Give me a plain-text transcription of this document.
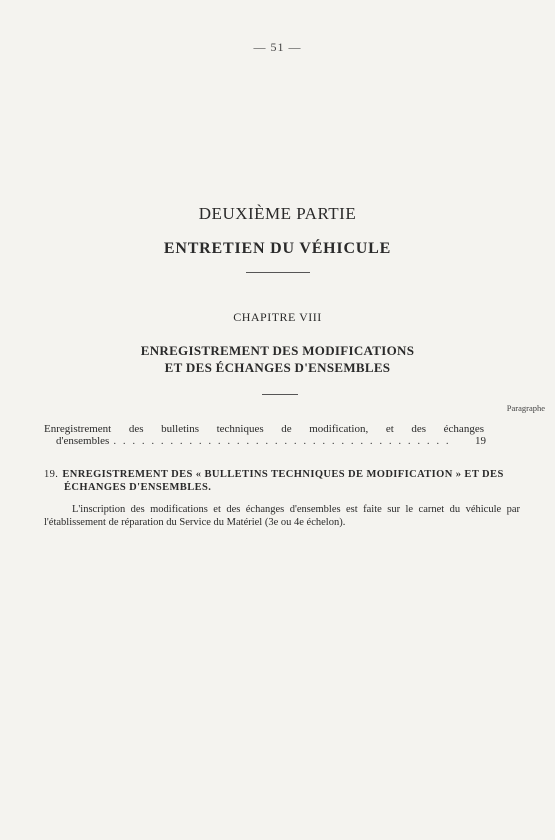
— 51 —
DEUXIÈME PARTIE
ENTRETIEN DU VÉHICULE
CHAPITRE VIII
ENREGISTREMENT DES MODIFICATIONS
ET DES ÉCHANGES D'ENSEMBLES
Paragraphe
Enregistrement des bulletins techniques de modification, et des échanges
d'ensembles
. . .	19
19. ENREGISTREMENT DES « BULLETINS TECHNIQUES DE MODIFICATION » ET DES
ÉCHANGES D'ENSEMBLES.
L'inscription des modifications et des échanges d'ensembles est faite sur le carnet du véhicule par l'établissement de réparation du Service du Matériel (3e ou 4e échelon).
